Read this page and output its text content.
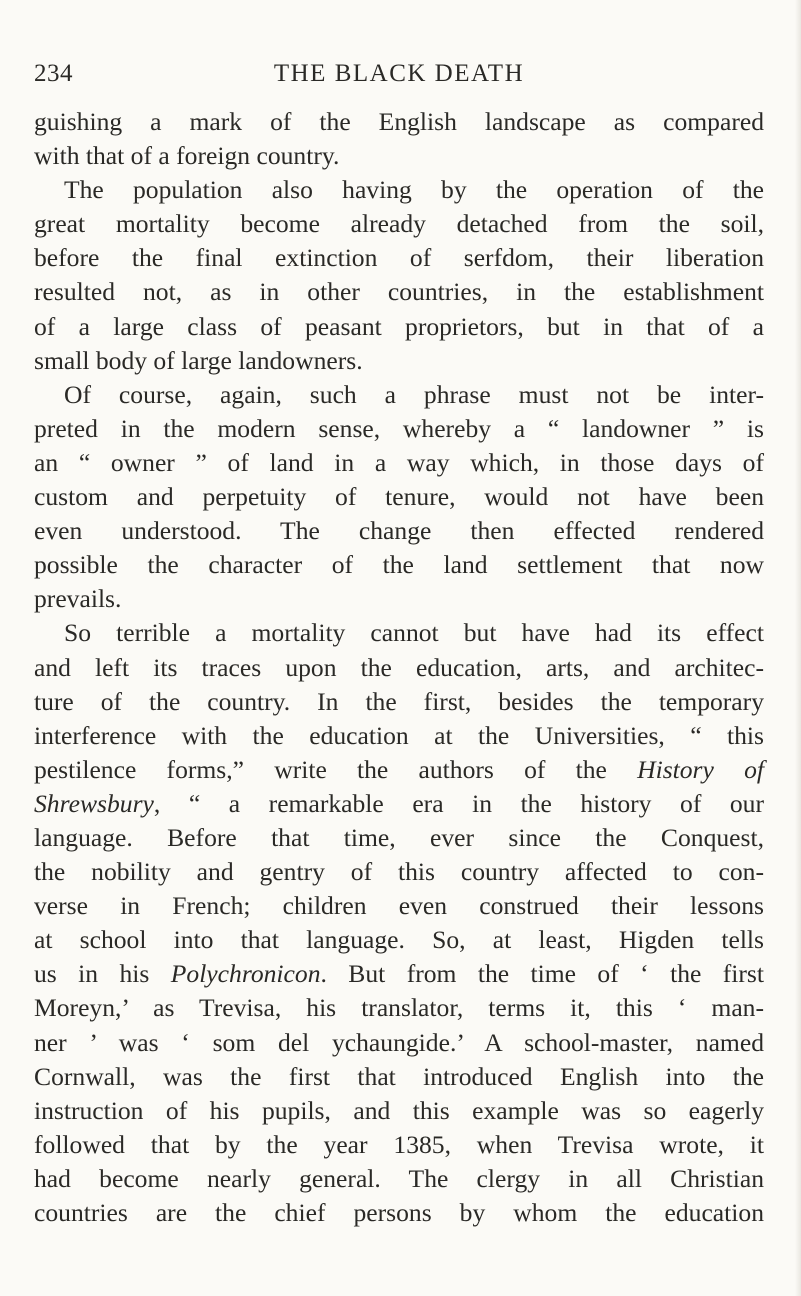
234	THE BLACK DEATH
guishing a mark of the English landscape as compared
with that of a foreign country.
The population also having by the operation of the
great mortality become already detached from the soil,
before the final extinction of serfdom, their liberation
resulted not, as in other countries, in the establishment
of a large class of peasant proprietors, but in that of a
small body of large landowners.
Of course, again, such a phrase must not be inter-
preted in the modern sense, whereby a “ landowner ” is
an “ owner ” of land in a way which, in those days of
custom and perpetuity of tenure, would not have been
even understood. The change then effected rendered
possible the character of the land settlement that now
prevails.
So terrible a mortality cannot but have had its effect
and left its traces upon the education, arts, and architec-
ture of the country. In the first, besides the temporary
interference with the education at the Universities, “ this
pestilence forms,” write the authors of the History of
Shrewsbury, “ a remarkable era in the history of our
language. Before that time, ever since the Conquest,
the nobility and gentry of this country affected to con-
verse in French; children even construed their lessons
at school into that language. So, at least, Higden tells
us in his Polychronicon. But from the time of ‘ the first
Moreyn,’ as Trevisa, his translator, terms it, this ‘ man-
ner ’ was ‘ som del ychaungide.’ A school-master, named
Cornwall, was the first that introduced English into the
instruction of his pupils, and this example was so eagerly
followed that by the year 1385, when Trevisa wrote, it
had become nearly general. The clergy in all Christian
countries are the chief persons by whom the education
